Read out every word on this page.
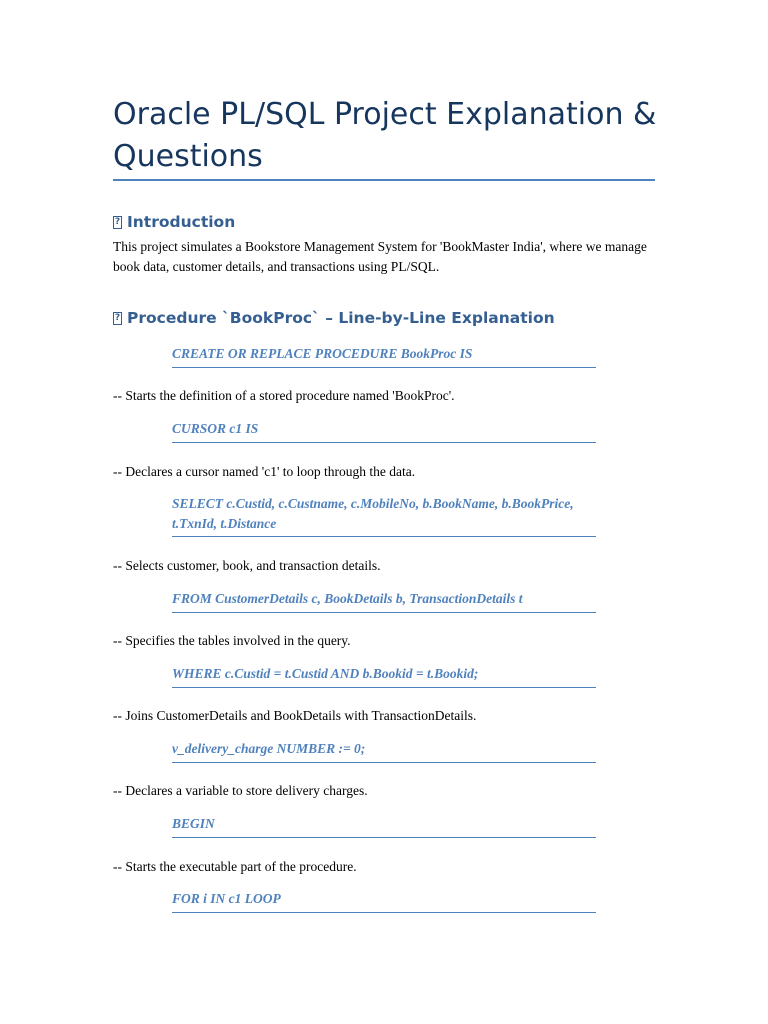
Oracle PL/SQL Project Explanation & Questions
?
Introduction

This project simulates a Bookstore Management System for 'BookMaster India', where we manage book data, customer details, and transactions using PL/SQL.

?
Procedure `BookProc` – Line-by-Line Explanation

CREATE OR REPLACE PROCEDURE BookProc IS

-- Starts the definition of a stored procedure named 'BookProc'.

CURSOR c1 IS

-- Declares a cursor named 'c1' to loop through the data.

SELECT c.Custid, c.Custname, c.MobileNo, b.BookName, b.BookPrice, t.TxnId, t.Distance

-- Selects customer, book, and transaction details.

FROM CustomerDetails c, BookDetails b, TransactionDetails t

-- Specifies the tables involved in the query.

WHERE c.Custid = t.Custid AND b.Bookid = t.Bookid;

-- Joins CustomerDetails and BookDetails with TransactionDetails.

v_delivery_charge NUMBER := 0;

-- Declares a variable to store delivery charges.

BEGIN

-- Starts the executable part of the procedure.

FOR i IN c1 LOOP
